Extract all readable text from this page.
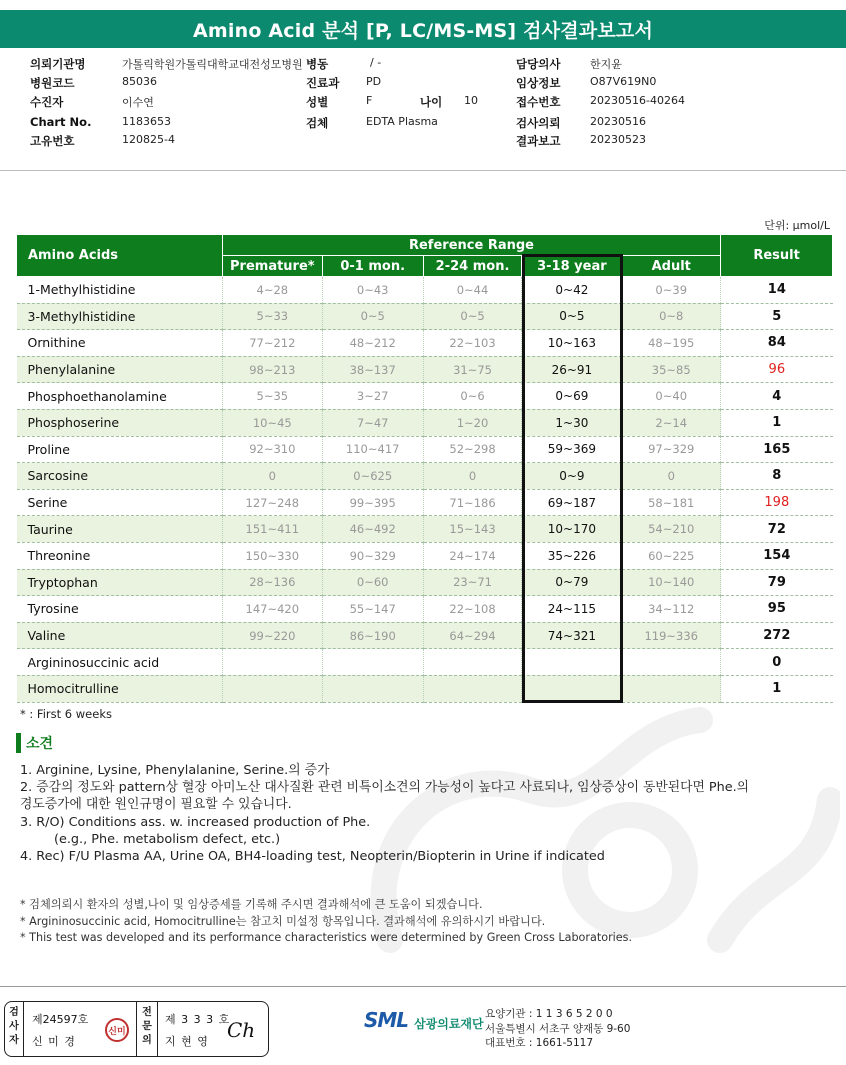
Amino Acid 분석 [P, LC/MS-MS] 검사결과보고서
의뢰기관명	가톨릭학원가톨릭대학교대전성모병원 병동	/ -	담당의사	한지윤
병원코드	85036	진료과 PD	임상정보	O87V619N0
수진자	이수연	성별	F	나이 10	접수번호	20230516-40264
Chart No.	1183653	검체	EDTA Plasma	검사의뢰	20230516
고유번호	120825-4	결과보고	20230523
단위: μmol/L
Amino Acids	Reference Range					Result
	Premature*	0-1 mon.	2-24 mon.	3-18 year	Adult	
1-Methylhistidine	4~28	0~43	0~44	0~42	0~39	14
3-Methylhistidine	5~33	0~5	0~5	0~5	0~8	5
Ornithine	77~212	48~212	22~103	10~163	48~195	84
Phenylalanine	98~213	38~137	31~75	26~91	35~85	96
Phosphoethanolamine	5~35	3~27	0~6	0~69	0~40	4
Phosphoserine	10~45	7~47	1~20	1~30	2~14	1
Proline	92~310	110~417	52~298	59~369	97~329	165
Sarcosine	0	0~625	0	0~9	0	8
Serine	127~248	99~395	71~186	69~187	58~181	198
Taurine	151~411	46~492	15~143	10~170	54~210	72
Threonine	150~330	90~329	24~174	35~226	60~225	154
Tryptophan	28~136	0~60	23~71	0~79	10~140	79
Tyrosine	147~420	55~147	22~108	24~115	34~112	95
Valine	99~220	86~190	64~294	74~321	119~336	272
Argininosuccinic acid						0
Homocitrulline						1
* : First 6 weeks
소견
1. Arginine, Lysine, Phenylalanine, Serine.의 증가
2. 증감의 정도와 pattern상 혈장 아미노산 대사질환 관련 비특이소견의 가능성이 높다고 사료되나, 임상증상이 동반된다면 Phe.의
경도증가에 대한 원인규명이 필요할 수 있습니다.
3. R/O) Conditions ass. w. increased production of Phe.
(e.g., Phe. metabolism defect, etc.)
4. Rec) F/U Plasma AA, Urine OA, BH4-loading test, Neopterin/Biopterin in Urine if indicated
* 검체의뢰시 환자의 성별,나이 및 임상증세를 기록해 주시면 결과해석에 큰 도움이 되겠습니다.
* Argininosuccinic acid, Homocitrulline는 참고치 미설정 항목입니다. 결과해석에 유의하시기 바랍니다.
* This test was developed and its performance characteristics were determined by Green Cross Laboratories.
검
사
자
제24597호
신 미 경
신미
전
문
의
제 3 3 3 호
지 현 영 Ch	SML 삼광의료재단
요양기관 : 1 1 3 6 5 2 0 0
서울특별시 서초구 양재동 9-60
대표번호 : 1661-5117
